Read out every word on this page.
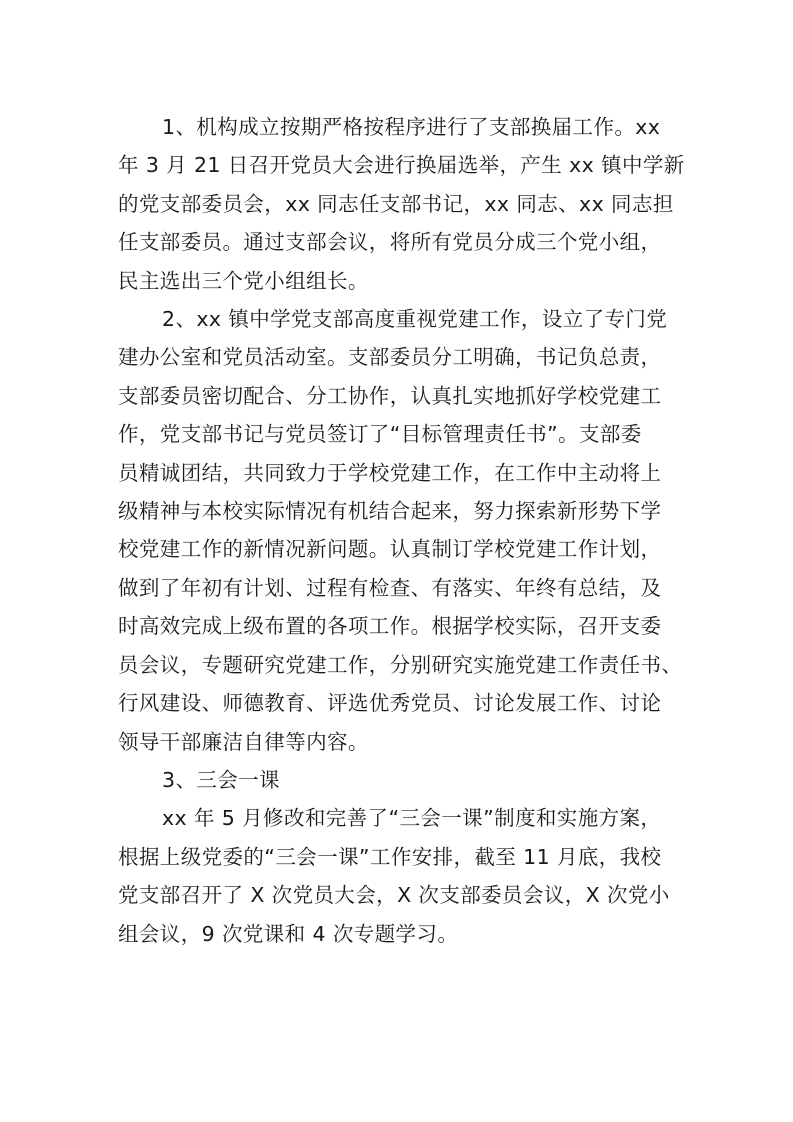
1、机构成立按期严格按程序进行了支部换届工作。xx
年 3 月 21 日召开党员大会进行换届选举，产生 xx 镇中学新
的党支部委员会，xx 同志任支部书记，xx 同志、xx 同志担
任支部委员。通过支部会议，将所有党员分成三个党小组，
民主选出三个党小组组长。
2、xx 镇中学党支部高度重视党建工作，设立了专门党
建办公室和党员活动室。支部委员分工明确，书记负总责，
支部委员密切配合、分工协作，认真扎实地抓好学校党建工
作，党支部书记与党员签订了“目标管理责任书”。支部委
员精诚团结，共同致力于学校党建工作，在工作中主动将上
级精神与本校实际情况有机结合起来，努力探索新形势下学
校党建工作的新情况新问题。认真制订学校党建工作计划，
做到了年初有计划、过程有检查、有落实、年终有总结，及
时高效完成上级布置的各项工作。根据学校实际，召开支委
员会议，专题研究党建工作，分别研究实施党建工作责任书、
行风建设、师德教育、评选优秀党员、讨论发展工作、讨论
领导干部廉洁自律等内容。
3、三会一课
xx 年 5 月修改和完善了“三会一课”制度和实施方案，
根据上级党委的“三会一课”工作安排，截至 11 月底，我校
党支部召开了 X 次党员大会，X 次支部委员会议，X 次党小
组会议，9 次党课和 4 次专题学习。
